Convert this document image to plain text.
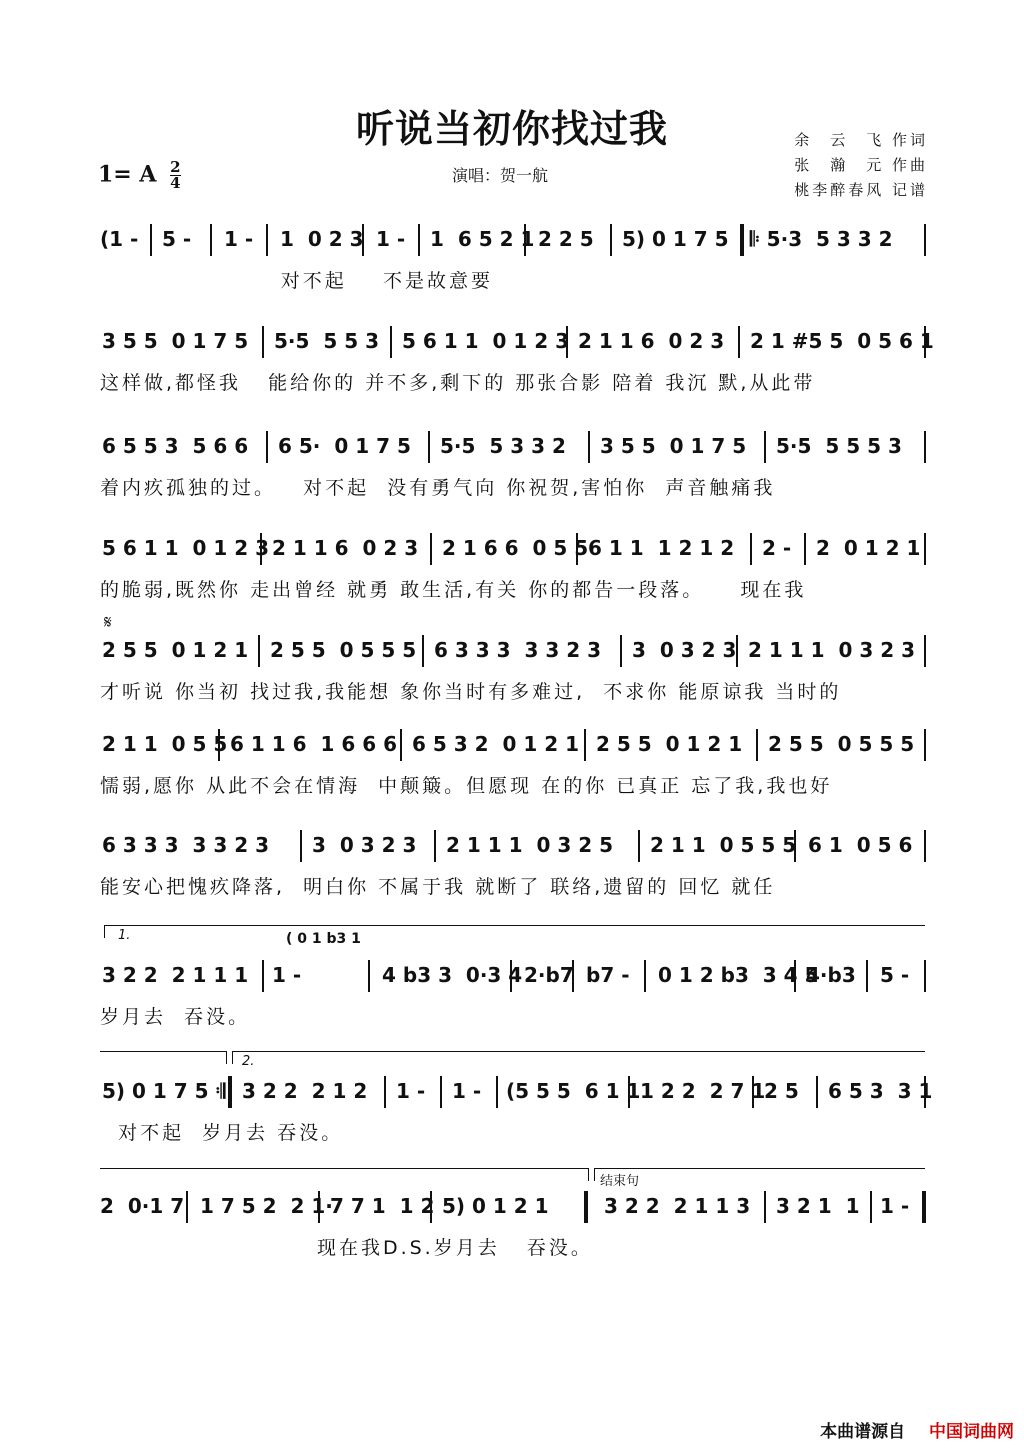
听说当初你找过我	余　云　飞 作词
张　瀚　元 作曲
桃李醉春风 记谱
1= A $\frac{2}{4}$	演唱：贺一航
𝄋
(1 - 5 - 1 - 1  0 2 3 1 - 1  6 5 2 1 2 2 5 5) 0 1 7 5 𝄆 5·3  5 3 3 2
对不起    不是故意要
3 5 5  0 1 7 5 5·5  5 5 3 5 6 1 1  0 1 2 3 2 1 1 6  0 2 3 2 1 #5 5  0 5 6 1
这样做,都怪我   能给你的 并不多,剩下的 那张合影 陪着 我沉 默,从此带
6 5 5 3  5 6 6 6 5·  0 1 7 5 5·5  5 3 3 2 3 5 5  0 1 7 5 5·5  5 5 5 3
着内疚孤独的过。   对不起  没有勇气向 你祝贺,害怕你  声音触痛我
5 6 1 1  0 1 2 3 2 1 1 6  0 2 3 2 1 6 6  0 5 5 6 1 1  1 2 1 2 2 - 2  0 1 2 1
的脆弱,既然你 走出曾经 就勇 敢生活,有关 你的都告一段落。    现在我
2 5 5  0 1 2 1 2 5 5  0 5 5 5 6 3 3 3  3 3 2 3 3  0 3 2 3 2 1 1 1  0 3 2 3
才听说 你当初 找过我,我能想 象你当时有多难过,  不求你 能原谅我 当时的
2 1 1  0 5 5 6 1 1 6  1 6 6 6 6 5 3 2  0 1 2 1 2 5 5  0 1 2 1 2 5 5  0 5 5 5
懦弱,愿你 从此不会在情海  中颠簸。但愿现 在的你 已真正 忘了我,我也好
6 3 3 3  3 3 2 3 3  0 3 2 3 2 1 1 1  0 3 2 5 2 1 1  0 5 5 5 6 1  0 5 6
能安心把愧疚降落,  明白你 不属于我 就断了 联络,遗留的 回忆 就任
1.	( 0 1 b3 1
3 2 2  2 1 1 1 1 -	4 b3 3  0·3 4 2·b7 b7 - 0 1 2 b3  3 4 5
4·b3 5 -
岁月去  吞没。
2.
5) 0 1 7 5 𝄇 3 2 2  2 1 2 1 - 1 - (5 5 5  6 1 1 1 2 2  2 7 1
2 5 6 5 3  3 1
对不起  岁月去 吞没。
结束句
2  0·1 7 1 7 5 2  2 1·
7 7 1  1 2 5) 0 1 2 1	3 2 2  2 1 1 3 3 2 1  1 1 -
现在我D.S.岁月去   吞没。
本曲谱源自 中国词曲网
